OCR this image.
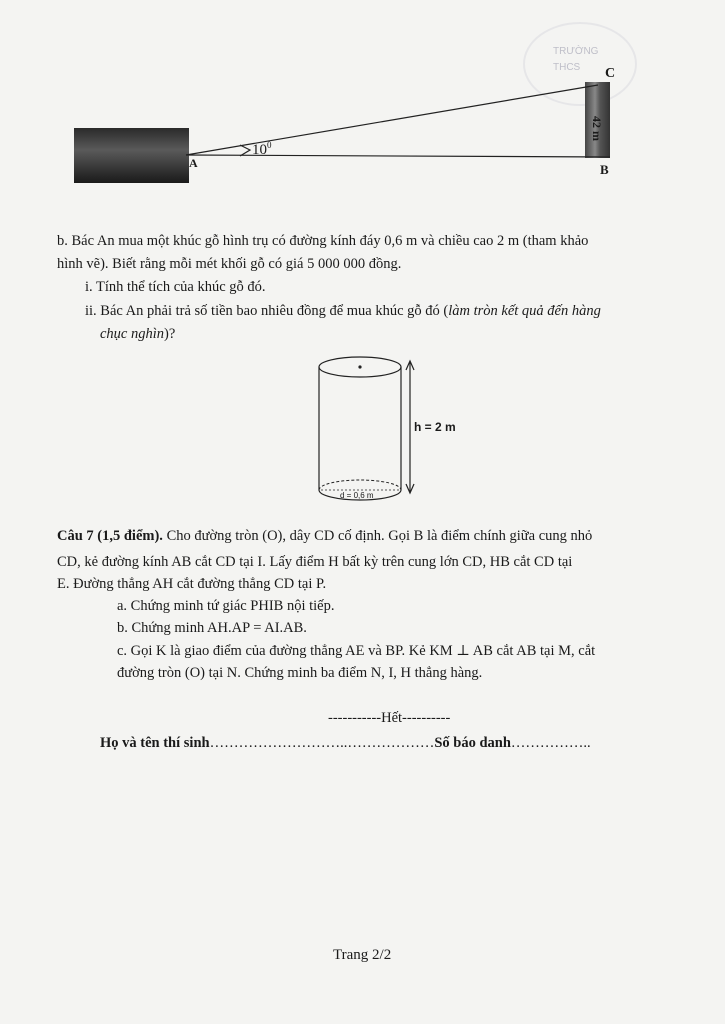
TRƯỜNG
THCS C
A	B
$10^0$
42 m
b. Bác An mua một khúc gỗ hình trụ có đường kính đáy 0,6 m và chiều cao 2 m (tham khảo
hình vẽ). Biết rằng mỗi mét khối gỗ có giá 5 000 000 đồng.
i. Tính thể tích của khúc gỗ đó.
ii. Bác An phải trả số tiền bao nhiêu đồng để mua khúc gỗ đó (làm tròn kết quả đến hàng
chục nghìn)?
h = 2 m
d = 0,6 m
Câu 7 (1,5 điểm). Cho đường tròn (O), dây CD cố định. Gọi B là điểm chính giữa cung nhỏ
CD, kẻ đường kính AB cắt CD tại I. Lấy điểm H bất kỳ trên cung lớn CD, HB cắt CD tại
E. Đường thẳng AH cắt đường thẳng CD tại P.
a. Chứng minh tứ giác PHIB nội tiếp.
b. Chứng minh AH.AP = AI.AB.
c. Gọi K là giao điểm của đường thẳng AE và BP. Kẻ KM ⊥ AB cắt AB tại M, cắt
đường tròn (O) tại N. Chứng minh ba điểm N, I, H thẳng hàng.
-----------Hết----------
Họ và tên thí sinh………………………..………………Số báo danh……………..
Trang 2/2
